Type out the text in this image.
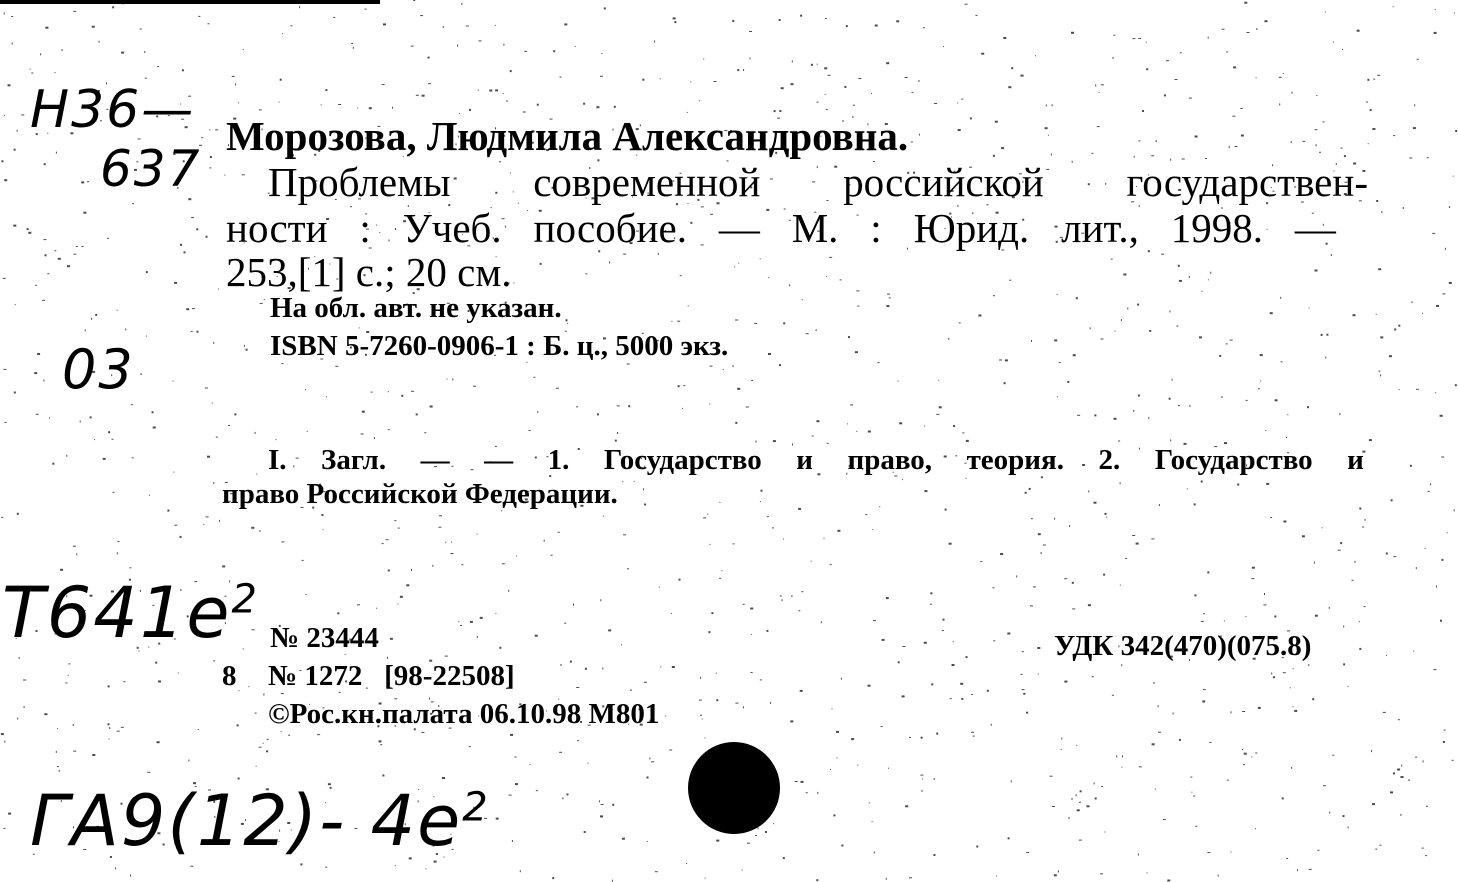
Н36—
637
03
$Т641е^2$
ГА9(12)- $4е^2$
Морозова, Людмила Александровна.
Проблемы современной российской государствен-
ности : Учеб. пособие. — М. : Юрид. лит., 1998. —
253,[1] с.; 20 см.
На обл. авт. не указан.
ISBN 5-7260-0906-1 : Б. ц., 5000 экз.
I. Загл. — — 1. Государство и право, теория. 2. Государство и
право Российской Федерации.
№ 23444	УДК 342(470)(075.8)
8 № 1272   [98-22508]
©Рос.кн.палата 06.10.98 М801
